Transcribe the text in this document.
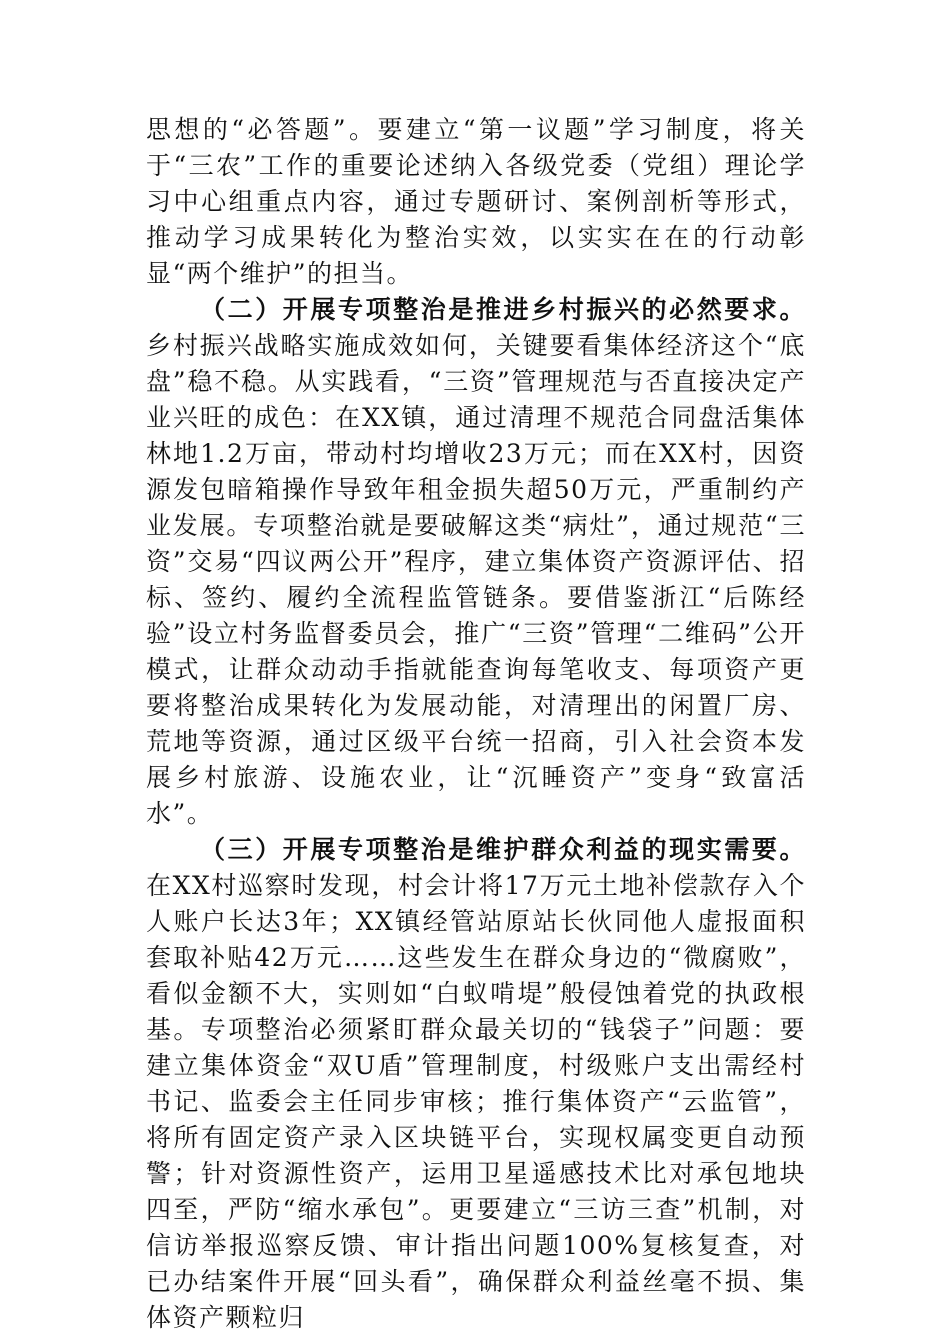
思想的“必答题”。要建立“第一议题”学习制度，将关于“三农”工作的重要论述纳入各级党委（党组）理论学习中心组重点内容，通过专题研讨、案例剖析等形式，推动学习成果转化为整治实效，以实实在在的行动彰显“两个维护”的担当。

（二）开展专项整治是推进乡村振兴的必然要求。乡村振兴战略实施成效如何，关键要看集体经济这个“底盘”稳不稳。从实践看，“三资”管理规范与否直接决定产业兴旺的成色：在XX镇，通过清理不规范合同盘活集体林地1.2万亩，带动村均增收23万元；而在XX村，因资源发包暗箱操作导致年租金损失超50万元，严重制约产业发展。专项整治就是要破解这类“病灶”，通过规范“三资”交易“四议两公开”程序，建立集体资产资源评估、招标、签约、履约全流程监管链条。要借鉴浙江“后陈经验”设立村务监督委员会，推广“三资”管理“二维码”公开模式，让群众动动手指就能查询每笔收支、每项资产更要将整治成果转化为发展动能，对清理出的闲置厂房、荒地等资源，通过区级平台统一招商，引入社会资本发展乡村旅游、设施农业，让“沉睡资产”变身“致富活水”。

（三）开展专项整治是维护群众利益的现实需要。在XX村巡察时发现，村会计将17万元土地补偿款存入个人账户长达3年；XX镇经管站原站长伙同他人虚报面积套取补贴42万元……这些发生在群众身边的“微腐败”，看似金额不大，实则如“白蚁啃堤”般侵蚀着党的执政根基。专项整治必须紧盯群众最关切的“钱袋子”问题：要建立集体资金“双U盾”管理制度，村级账户支出需经村书记、监委会主任同步审核；推行集体资产“云监管”，将所有固定资产录入区块链平台，实现权属变更自动预警；针对资源性资产，运用卫星遥感技术比对承包地块四至，严防“缩水承包”。更要建立“三访三查”机制，对信访举报巡察反馈、审计指出问题100%复核复查，对已办结案件开展“回头看”，确保群众利益丝毫不损、集体资产颗粒归
